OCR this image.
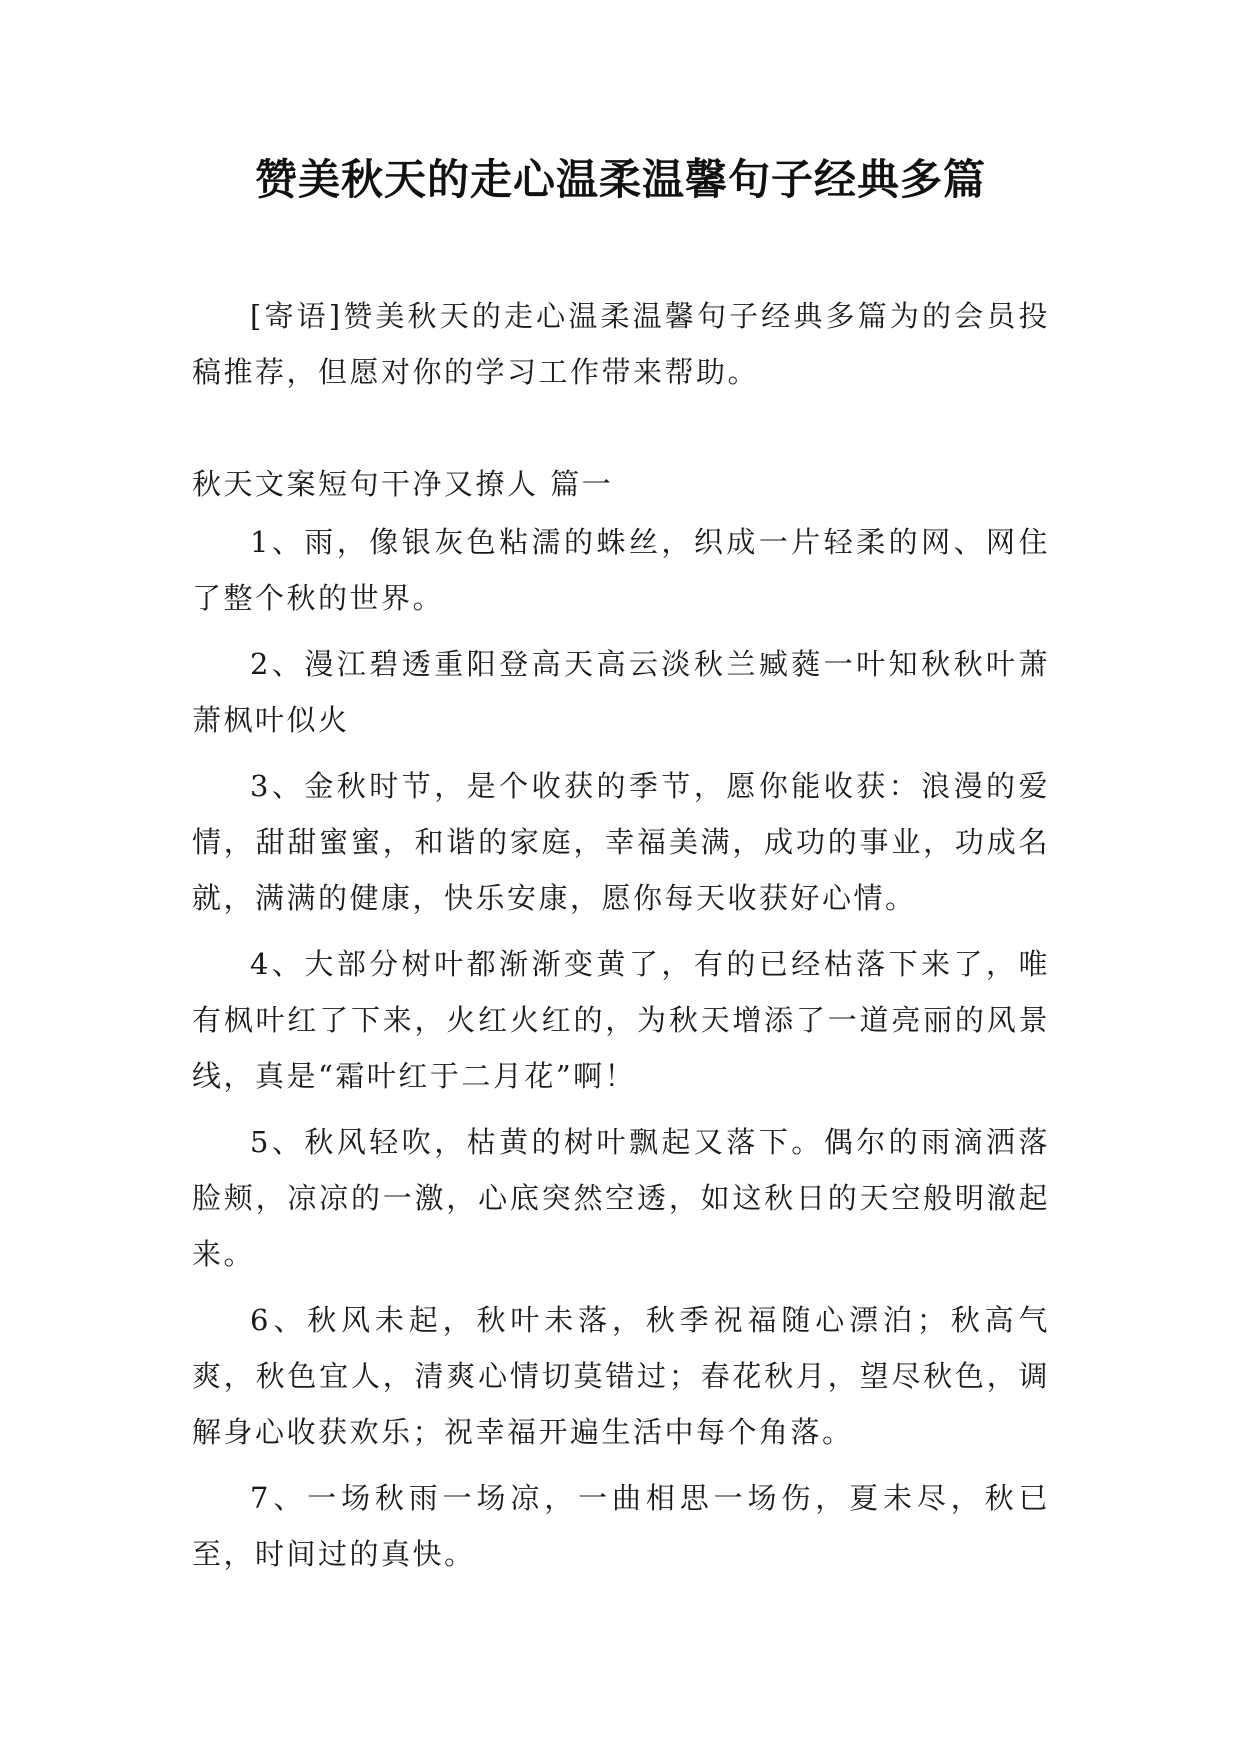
赞美秋天的走心温柔温馨句子经典多篇

[寄语]赞美秋天的走心温柔温馨句子经典多篇为的会员投稿推荐，但愿对你的学习工作带来帮助。

秋天文案短句干净又撩人 篇一

1、雨，像银灰色粘濡的蛛丝，织成一片轻柔的网、网住了整个秋的世界。

2、漫江碧透重阳登高天高云淡秋兰臧蕤一叶知秋秋叶萧萧枫叶似火

3、金秋时节，是个收获的季节，愿你能收获：浪漫的爱情，甜甜蜜蜜，和谐的家庭，幸福美满，成功的事业，功成名就，满满的健康，快乐安康，愿你每天收获好心情。

4、大部分树叶都渐渐变黄了，有的已经枯落下来了，唯有枫叶红了下来，火红火红的，为秋天增添了一道亮丽的风景线，真是“霜叶红于二月花”啊！

5、秋风轻吹，枯黄的树叶飘起又落下。偶尔的雨滴洒落脸颊，凉凉的一激，心底突然空透，如这秋日的天空般明澈起来。

6、秋风未起，秋叶未落，秋季祝福随心漂泊；秋高气爽，秋色宜人，清爽心情切莫错过；春花秋月，望尽秋色，调解身心收获欢乐；祝幸福开遍生活中每个角落。

7、一场秋雨一场凉，一曲相思一场伤，夏未尽，秋已至，时间过的真快。
